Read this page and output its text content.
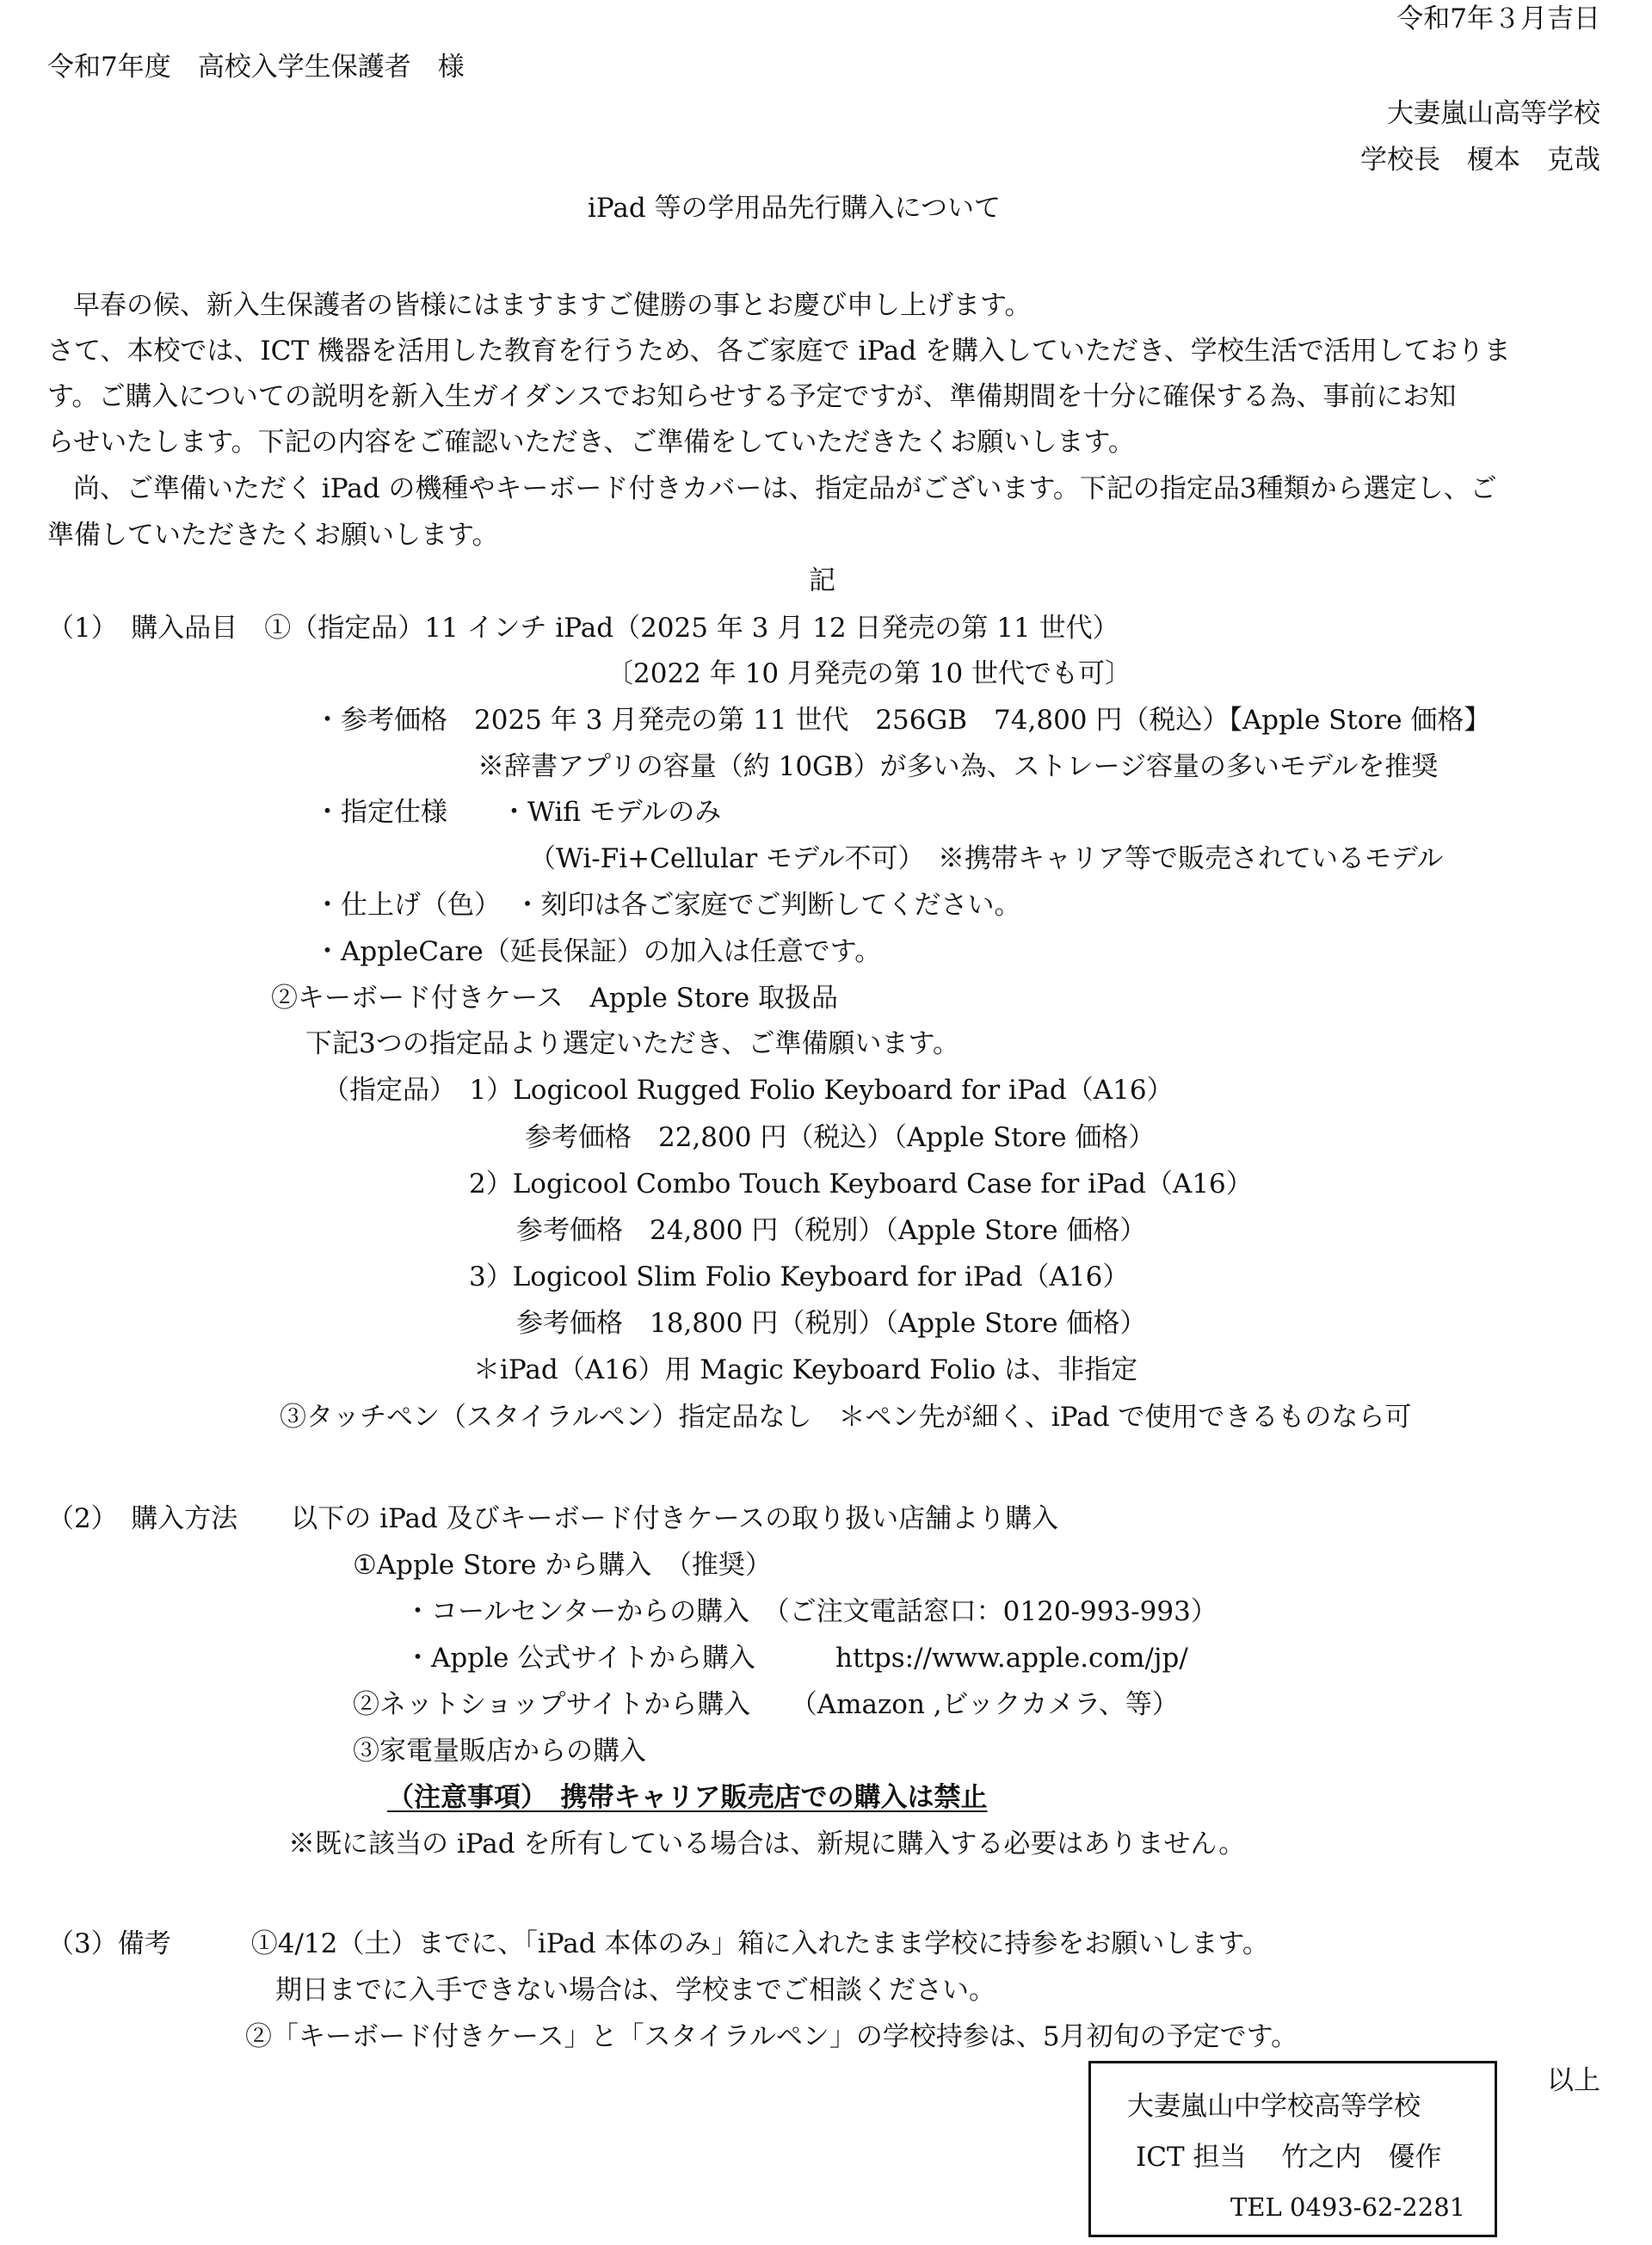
令和7年３月吉日
令和7年度　高校入学生保護者　様
大妻嵐山高等学校
学校長　榎本　克哉
iPad 等の学用品先行購入について
早春の候、新入生保護者の皆様にはますますご健勝の事とお慶び申し上げます。
さて、本校では、ICT 機器を活用した教育を行うため、各ご家庭で iPad を購入していただき、学校生活で活用しておりま
す。ご購入についての説明を新入生ガイダンスでお知らせする予定ですが、準備期間を十分に確保する為、事前にお知
らせいたします。下記の内容をご確認いただき、ご準備をしていただきたくお願いします。
尚、ご準備いただく iPad の機種やキーボード付きカバーは、指定品がございます。下記の指定品3種類から選定し、ご
準備していただきたくお願いします。
記
（1）　購入品目　①（指定品）11 インチ iPad（2025 年 3 月 12 日発売の第 11 世代）
〔2022 年 10 月発売の第 10 世代でも可〕
・参考価格　2025 年 3 月発売の第 11 世代　256GB　74,800 円（税込）【Apple Store 価格】
※辞書アプリの容量（約 10GB）が多い為、ストレージ容量の多いモデルを推奨
・指定仕様　　・Wifi モデルのみ
（Wi-Fi+Cellular モデル不可）　※携帯キャリア等で販売されているモデル
・仕上げ（色）　・刻印は各ご家庭でご判断してください。
・AppleCare（延長保証）の加入は任意です。
②キーボード付きケース　Apple Store 取扱品
下記3つの指定品より選定いただき、ご準備願います。
（指定品）　1）Logicool Rugged Folio Keyboard for iPad（A16）
参考価格　22,800 円（税込）（Apple Store 価格）
2）Logicool Combo Touch Keyboard Case for iPad（A16）
参考価格　24,800 円（税別）（Apple Store 価格）
3）Logicool Slim Folio Keyboard for iPad（A16）
参考価格　18,800 円（税別）（Apple Store 価格）
＊iPad（A16）用 Magic Keyboard Folio は、非指定
③タッチペン（スタイラルペン）指定品なし　＊ペン先が細く、iPad で使用できるものなら可
（2）　購入方法　　以下の iPad 及びキーボード付きケースの取り扱い店舗より購入
①Apple Store から購入　（推奨）
・コールセンターからの購入　（ご注文電話窓口：0120-993-993）
・Apple 公式サイトから購入　　　https://www.apple.com/jp/
②ネットショップサイトから購入　　（Amazon ,ビックカメラ、等）
③家電量販店からの購入
（注意事項）　携帯キャリア販売店での購入は禁止
※既に該当の iPad を所有している場合は、新規に購入する必要はありません。
（3）備考　　　①4/12（土）までに、「iPad 本体のみ」箱に入れたまま学校に持参をお願いします。
期日までに入手できない場合は、学校までご相談ください。
②「キーボード付きケース」と「スタイラルペン」の学校持参は、5月初旬の予定です。
以上
大妻嵐山中学校高等学校
ICT 担当　 竹之内　優作
TEL 0493-62-2281
